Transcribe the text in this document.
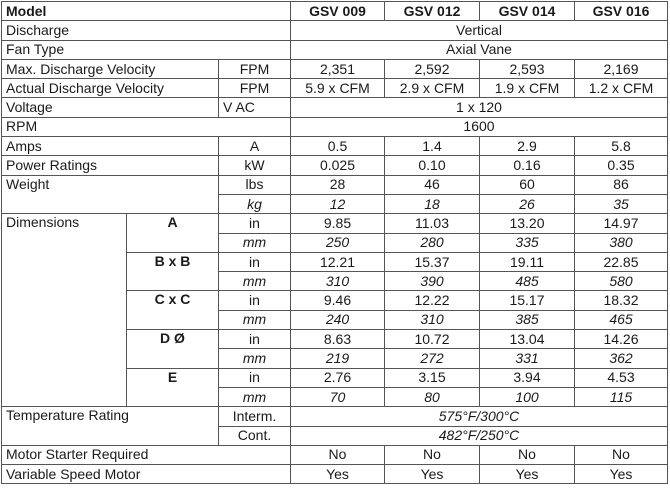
Model			GSV 009	GSV 012	GSV 014	GSV 016
Discharge			Vertical			
Fan Type			Axial Vane			
Max. Discharge Velocity		FPM	2,351	2,592	2,593	2,169
Actual Discharge Velocity		FPM	5.9 x CFM	2.9 x CFM	1.9 x CFM	1.2 x CFM
Voltage		V AC	1 x 120			
RPM			1600			
Amps		A	0.5	1.4	2.9	5.8
Power Ratings		kW	0.025	0.10	0.16	0.35
Weight		lbs	28	46	60	86
		kg	12	18	26	35
Dimensions	A	in	9.85	11.03	13.20	14.97
		mm	250	280	335	380
	B x B	in	12.21	15.37	19.11	22.85
		mm	310	390	485	580
	C x C	in	9.46	12.22	15.17	18.32
		mm	240	310	385	465
	D Ø	in	8.63	10.72	13.04	14.26
		mm	219	272	331	362
	E	in	2.76	3.15	3.94	4.53
		mm	70	80	100	115
Temperature Rating		Interm.	575°F/300°C			
		Cont.	482°F/250°C			
Motor Starter Required			No	No	No	No
Variable Speed Motor			Yes	Yes	Yes	Yes
